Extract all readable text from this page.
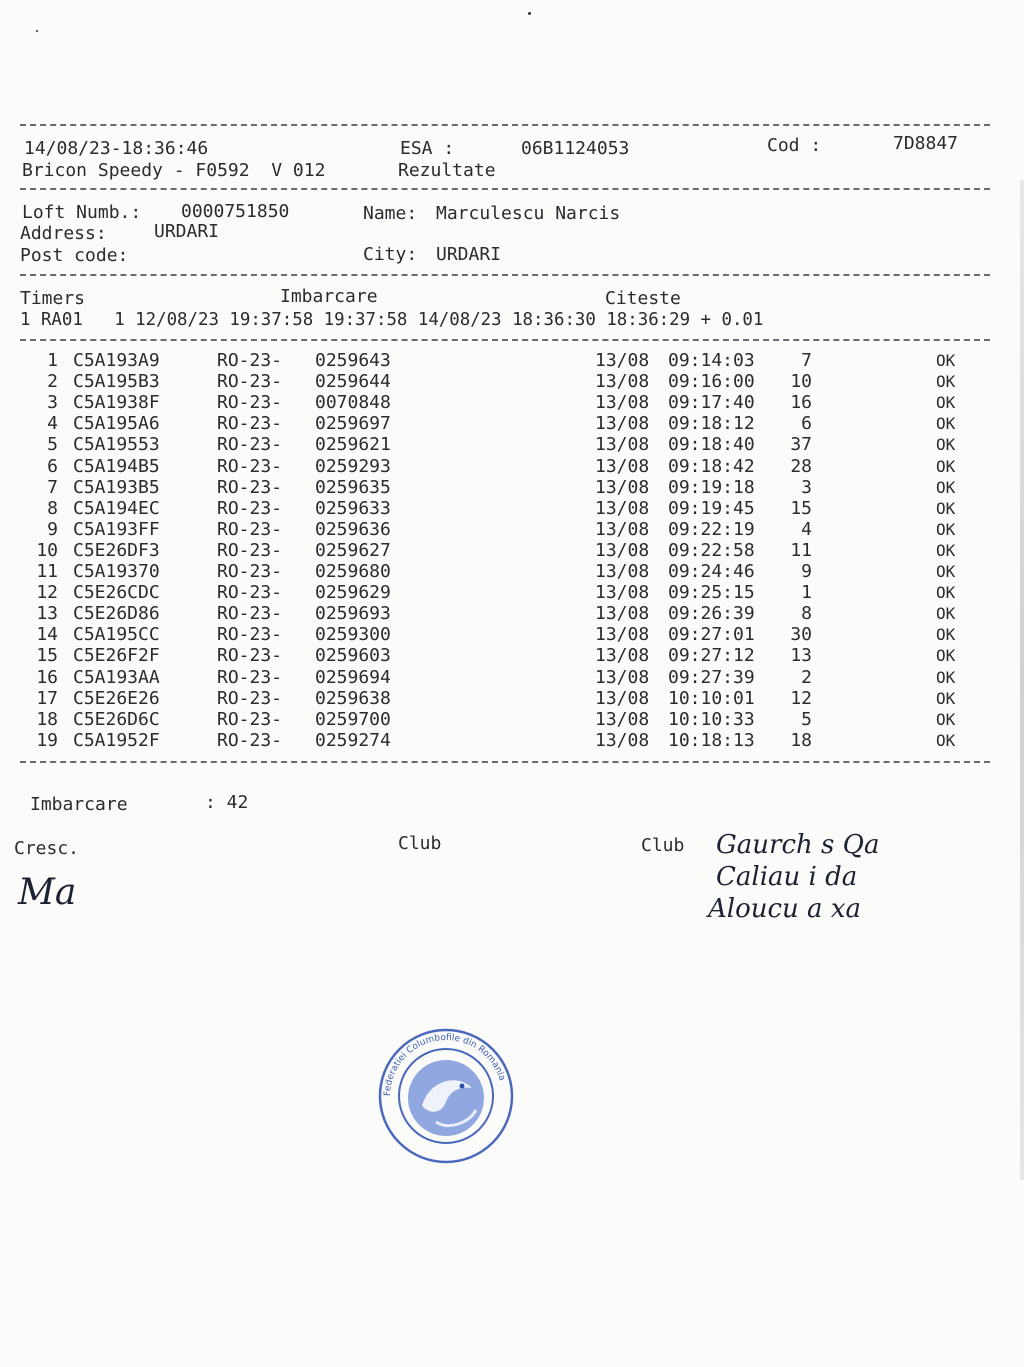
14/08/23-18:36:46	ESA :	06B1124053	Cod :	7D8847
Bricon Speedy - F0592  V 012	Rezultate
Loft Numb.: 0000751850	Name: Marculescu Narcis
Address:	URDARI
Post code:	City: URDARI
Timers	Imbarcare	Citeste
1 RA01   1 12/08/23 19:37:58 19:37:58 14/08/23 18:36:30 18:36:29 + 0.01
1 C5A193A9	RO-23- 0259643	13/08 09:14:03	7	OK
2 C5A195B3	RO-23- 0259644	13/08 09:16:00	10	OK
3 C5A1938F	RO-23- 0070848	13/08 09:17:40	16	OK
4 C5A195A6	RO-23- 0259697	13/08 09:18:12	6	OK
5 C5A19553	RO-23- 0259621	13/08 09:18:40	37	OK
6 C5A194B5	RO-23- 0259293	13/08 09:18:42	28	OK
7 C5A193B5	RO-23- 0259635	13/08 09:19:18	3	OK
8 C5A194EC	RO-23- 0259633	13/08 09:19:45	15	OK
9 C5A193FF	RO-23- 0259636	13/08 09:22:19	4	OK
10 C5E26DF3	RO-23- 0259627	13/08 09:22:58	11	OK
11 C5A19370	RO-23- 0259680	13/08 09:24:46	9	OK
12 C5E26CDC	RO-23- 0259629	13/08 09:25:15	1	OK
13 C5E26D86	RO-23- 0259693	13/08 09:26:39	8	OK
14 C5A195CC	RO-23- 0259300	13/08 09:27:01	30	OK
15 C5E26F2F	RO-23- 0259603	13/08 09:27:12	13	OK
16 C5A193AA	RO-23- 0259694	13/08 09:27:39	2	OK
17 C5E26E26	RO-23- 0259638	13/08 10:10:01	12	OK
18 C5E26D6C	RO-23- 0259700	13/08 10:10:33	5	OK
19 C5A1952F	RO-23- 0259274	13/08 10:18:13	18	OK
Imbarcare	: 42
Cresc.	Club	Club
Ma
Gaurch s Qa
Caliau i da
Aloucu a xa
Federatiei Columbofile din Romania
